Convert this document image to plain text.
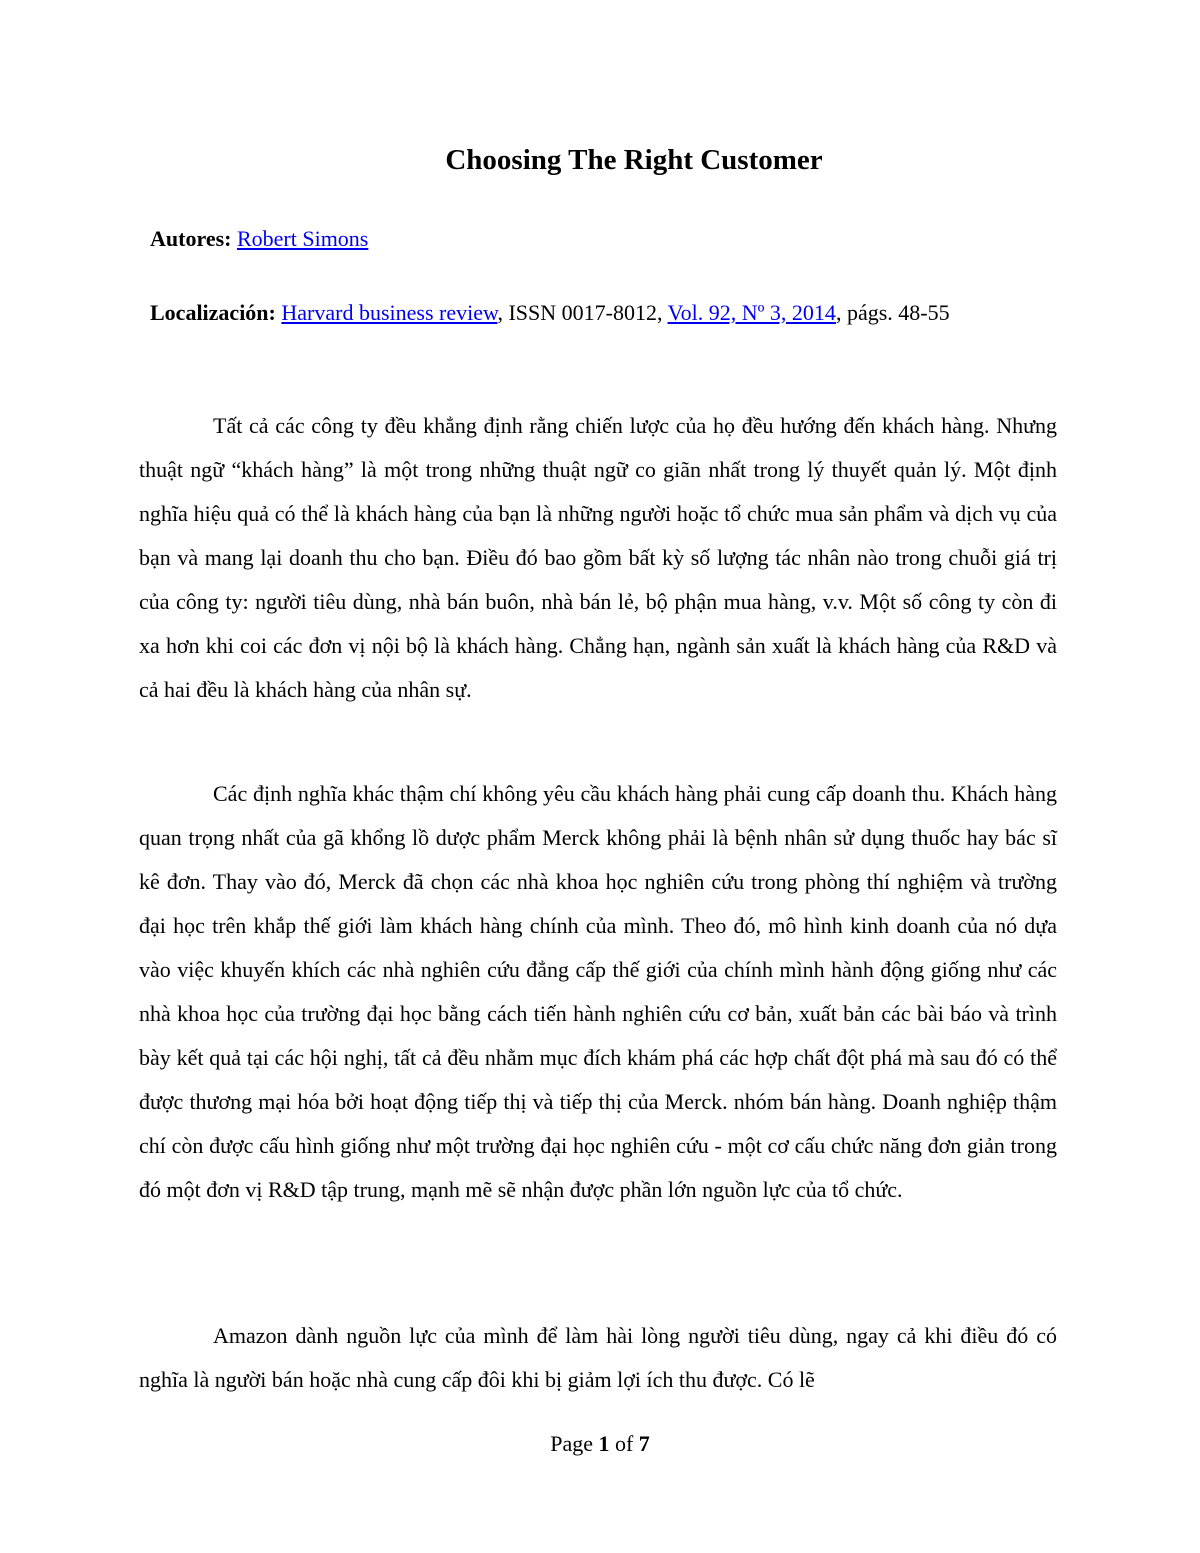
Choosing The Right Customer

Autores: Robert Simons

Localización: Harvard business review, ISSN 0017-8012, Vol. 92, Nº 3, 2014, págs. 48-55

Tất cả các công ty đều khẳng định rằng chiến lược của họ đều hướng đến khách hàng. Nhưng thuật ngữ “khách hàng” là một trong những thuật ngữ co giãn nhất trong lý thuyết quản lý. Một định nghĩa hiệu quả có thể là khách hàng của bạn là những người hoặc tổ chức mua sản phẩm và dịch vụ của bạn và mang lại doanh thu cho bạn. Điều đó bao gồm bất kỳ số lượng tác nhân nào trong chuỗi giá trị của công ty: người tiêu dùng, nhà bán buôn, nhà bán lẻ, bộ phận mua hàng, v.v. Một số công ty còn đi xa hơn khi coi các đơn vị nội bộ là khách hàng. Chẳng hạn, ngành sản xuất là khách hàng của R&D và cả hai đều là khách hàng của nhân sự.

Các định nghĩa khác thậm chí không yêu cầu khách hàng phải cung cấp doanh thu. Khách hàng quan trọng nhất của gã khổng lồ dược phẩm Merck không phải là bệnh nhân sử dụng thuốc hay bác sĩ kê đơn. Thay vào đó, Merck đã chọn các nhà khoa học nghiên cứu trong phòng thí nghiệm và trường đại học trên khắp thế giới làm khách hàng chính của mình. Theo đó, mô hình kinh doanh của nó dựa vào việc khuyến khích các nhà nghiên cứu đẳng cấp thế giới của chính mình hành động giống như các nhà khoa học của trường đại học bằng cách tiến hành nghiên cứu cơ bản, xuất bản các bài báo và trình bày kết quả tại các hội nghị, tất cả đều nhằm mục đích khám phá các hợp chất đột phá mà sau đó có thể được thương mại hóa bởi hoạt động tiếp thị và tiếp thị của Merck. nhóm bán hàng. Doanh nghiệp thậm chí còn được cấu hình giống như một trường đại học nghiên cứu - một cơ cấu chức năng đơn giản trong đó một đơn vị R&D tập trung, mạnh mẽ sẽ nhận được phần lớn nguồn lực của tổ chức.

Amazon dành nguồn lực của mình để làm hài lòng người tiêu dùng, ngay cả khi điều đó có nghĩa là người bán hoặc nhà cung cấp đôi khi bị giảm lợi ích thu được. Có lẽ

Page 1 of 7
